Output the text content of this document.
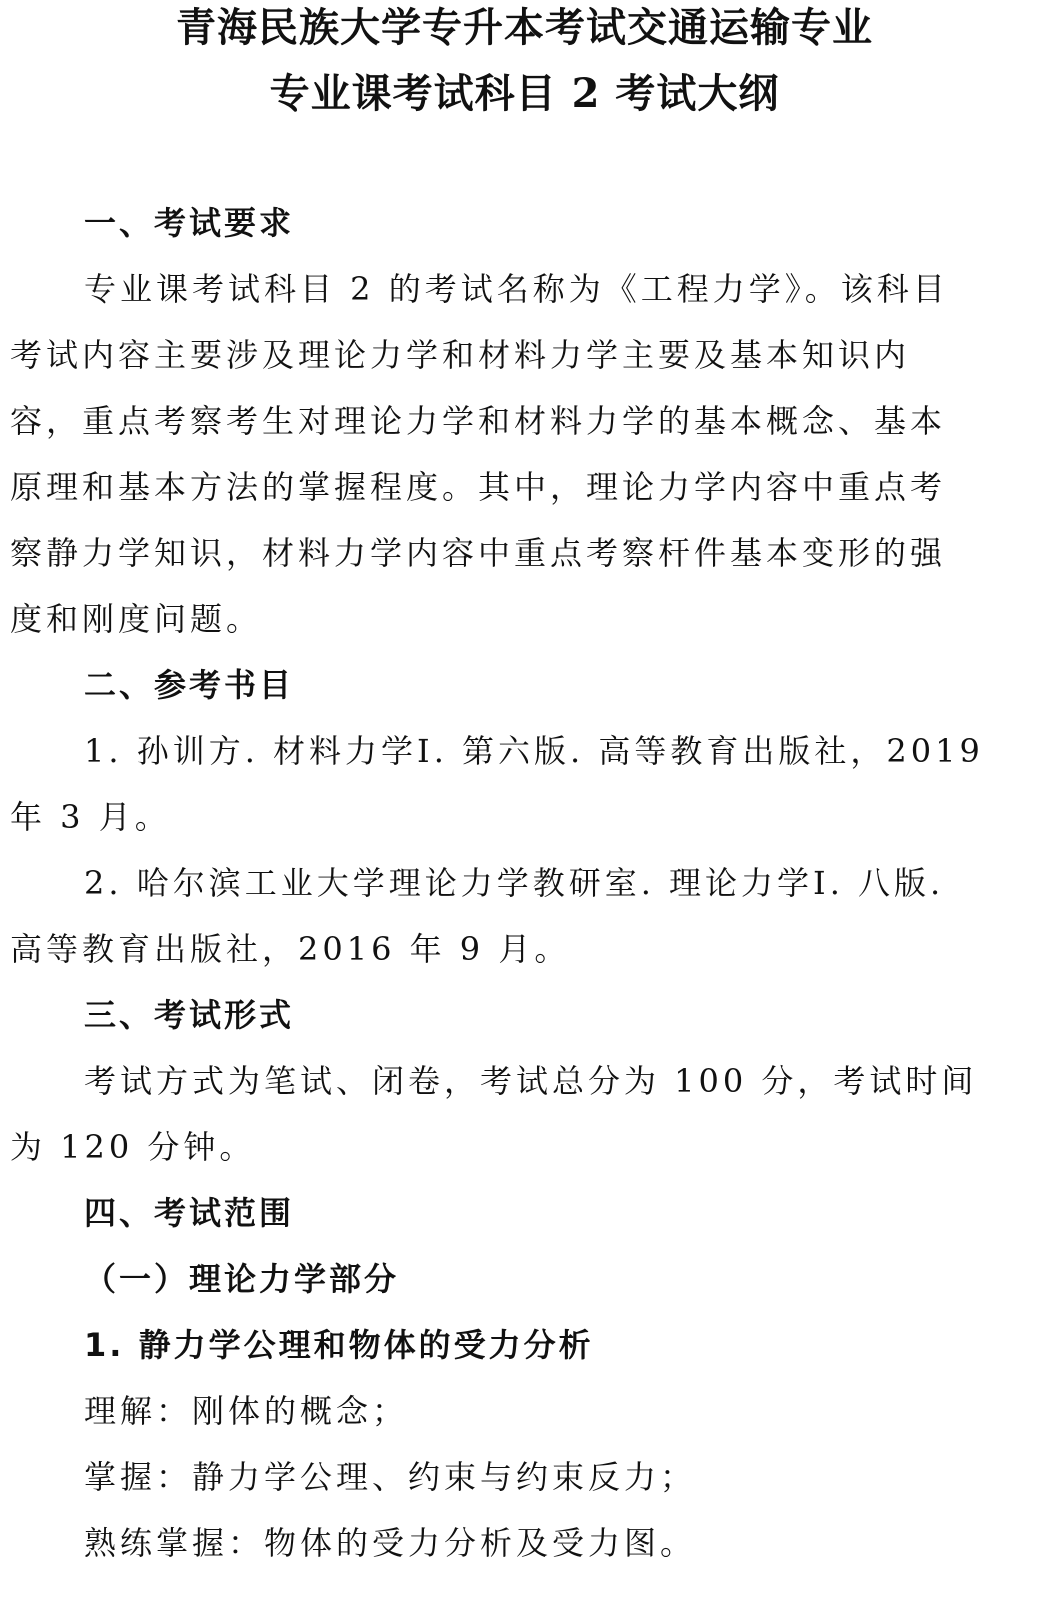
青海民族大学专升本考试交通运输专业
专业课考试科目 2 考试大纲
一、考试要求
专业课考试科目 2 的考试名称为《工程力学》。该科目
考试内容主要涉及理论力学和材料力学主要及基本知识内
容，重点考察考生对理论力学和材料力学的基本概念、基本
原理和基本方法的掌握程度。其中，理论力学内容中重点考
察静力学知识，材料力学内容中重点考察杆件基本变形的强
度和刚度问题。
二、参考书目
1. 孙训方. 材料力学Ⅰ. 第六版. 高等教育出版社，2019
年 3 月。
2. 哈尔滨工业大学理论力学教研室. 理论力学Ⅰ. 八版.
高等教育出版社，2016 年 9 月。
三、考试形式
考试方式为笔试、闭卷，考试总分为 100 分，考试时间
为 120 分钟。
四、考试范围
（一）理论力学部分
1. 静力学公理和物体的受力分析
理解：刚体的概念；
掌握：静力学公理、约束与约束反力；
熟练掌握：物体的受力分析及受力图。
